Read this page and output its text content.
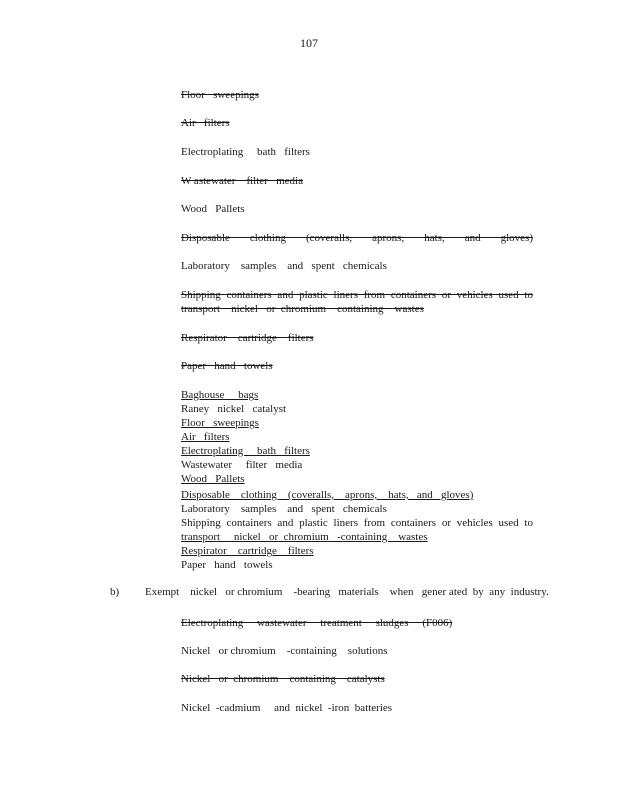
107
Floor   sweepings
Air   filters
Electroplating     bath   filters
W astewater    filter   media
Wood   Pallets
Disposable clothing (coveralls, aprons, hats, and gloves)
Laboratory    samples    and   spent   chemicals
Shipping containers and plastic liners from containers or vehicles used to
transport    nickel   or  chromium    containing    wastes
Respirator    cartridge    filters
Paper   hand   towels
Baghouse     bags
Raney   nickel   catalyst
Floor   sweepings
Air   filters
Electroplating     bath   filters
Wastewater     filter   media
Wood   Pallets
Disposable    clothing    (coveralls,    aprons,    hats,   and   gloves)
Laboratory    samples    and   spent   chemicals
Shipping containers and plastic liners from containers or vehicles used to
transport     nickel   or  chromium   -containing    wastes
Respirator    cartridge    filters
Paper   hand   towels
b) Exempt    nickel   or chromium    -bearing   materials    when   gener ated  by  any  industry.
Electroplating     wastewater     treatment     sludges     (F006)
Nickel   or chromium    -containing    solutions
Nickel   or  chromium    containing    catalysts
Nickel  -cadmium     and  nickel  -iron  batteries
